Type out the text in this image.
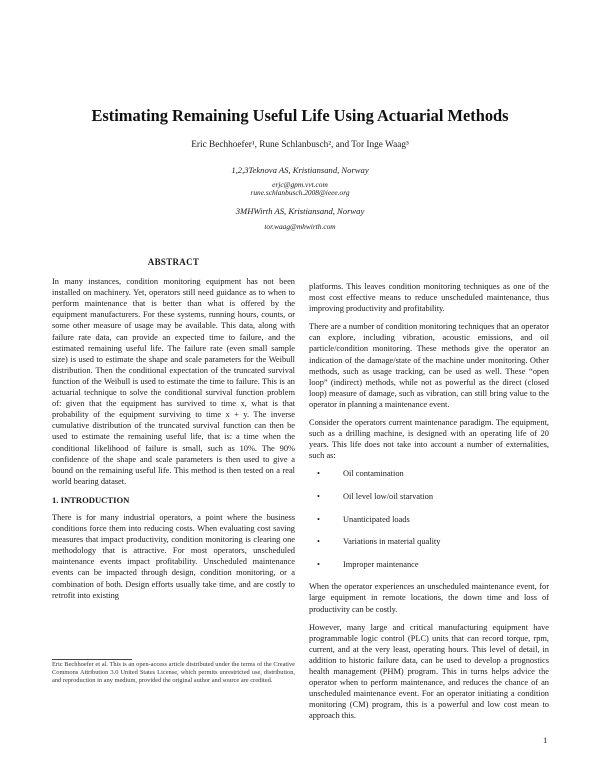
Estimating Remaining Useful Life Using Actuarial Methods
Eric Bechhoefer¹, Rune Schlanbusch², and Tor Inge Waag³
1,2,3Teknova AS, Kristiansand, Norway
erjc@gpm.vvt.com
rune.schlanbusch.2008@ieee.org
3MHWirth AS, Kristiansand, Norway
tor.waag@mhwirth.com
ABSTRACT

In many instances, condition monitoring equipment has not been installed on machinery. Yet, operators still need guidance as to when to perform maintenance that is better than what is offered by the equipment manufacturers. For these systems, running hours, counts, or some other measure of usage may be available. This data, along with failure rate data, can provide an expected time to failure, and the estimated remaining useful life. The failure rate (even small sample size) is used to estimate the shape and scale parameters for the Weibull distribution. Then the conditional expectation of the truncated survival function of the Weibull is used to estimate the time to failure. This is an actuarial technique to solve the conditional survival function problem of: given that the equipment has survived to time x, what is that probability of the equipment surviving to time x + y. The inverse cumulative distribution of the truncated survival function can then be used to estimate the remaining useful life, that is: a time when the conditional likelihood of failure is small, such as 10%. The 90% confidence of the shape and scale parameters is then used to give a bound on the remaining useful life. This method is then tested on a real world bearing dataset.

1. INTRODUCTION

There is for many industrial operators, a point where the business conditions force them into reducing costs. When evaluating cost saving measures that impact productivity, condition monitoring is clearing one methodology that is attractive. For most operators, unscheduled maintenance events impact profitability. Unscheduled maintenance events can be impacted through design, condition monitoring, or a combination of both. Design efforts usually take time, and are costly to retrofit into existing

Eric Bechhoefer et al. This is an open-access article distributed under the terms of the Creative Commons Attribution 3.0 United States License, which permits unrestricted use, distribution, and reproduction in any medium, provided the original author and source are credited.

platforms. This leaves condition monitoring techniques as one of the most cost effective means to reduce unscheduled maintenance, thus improving productivity and profitability.

There are a number of condition monitoring techniques that an operator can explore, including vibration, acoustic emissions, and oil particle/condition monitoring. These methods give the operator an indication of the damage/state of the machine under monitoring. Other methods, such as usage tracking, can be used as well. These “open loop” (indirect) methods, while not as powerful as the direct (closed loop) measure of damage, such as vibration, can still bring value to the operator in planning a maintenance event.

Consider the operators current maintenance paradigm. The equipment, such as a drilling machine, is designed with an operating life of 20 years. This life does not take into account a number of externalities, such as:

• Oil contamination
• Oil level low/oil starvation
• Unanticipated loads
• Variations in material quality
• Improper maintenance

When the operator experiences an unscheduled maintenance event, for large equipment in remote locations, the down time and loss of productivity can be costly.

However, many large and critical manufacturing equipment have programmable logic control (PLC) units that can record torque, rpm, current, and at the very least, operating hours. This level of detail, in addition to historic failure data, can be used to develop a prognostics health management (PHM) program. This in turns helps advice the operator when to perform maintenance, and reduces the chance of an unscheduled maintenance event. For an operator initiating a condition monitoring (CM) program, this is a powerful and low cost mean to approach this.

1
